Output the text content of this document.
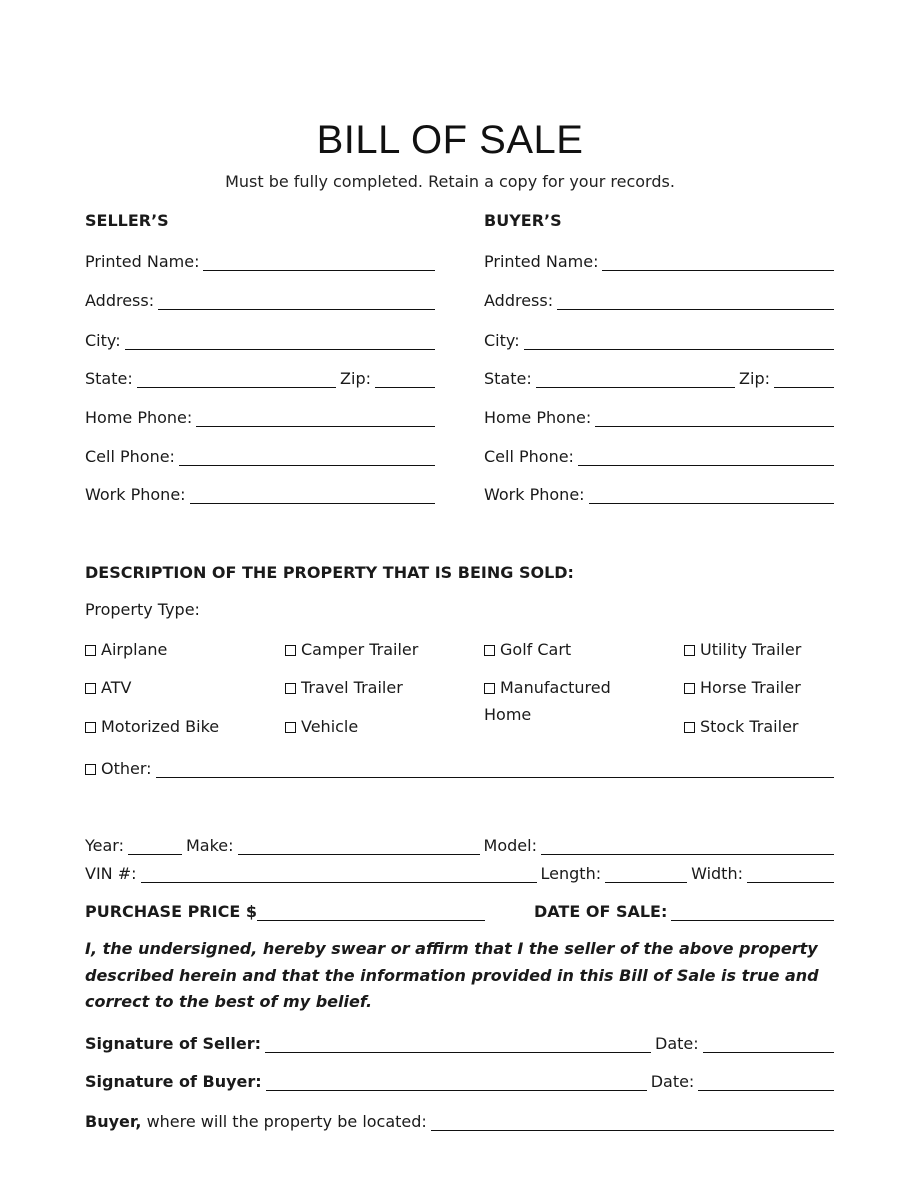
BILL OF SALE
Must be fully completed. Retain a copy for your records.
SELLER’S
Printed Name:
Address:
City:
State:	Zip:
Home Phone:
Cell Phone:
Work Phone:
BUYER’S
Printed Name:
Address:
City:
State:	Zip:
Home Phone:
Cell Phone:
Work Phone:
DESCRIPTION OF THE PROPERTY THAT IS BEING SOLD:
Property Type:
Airplane
ATV
Motorized Bike
Camper Trailer
Travel Trailer
Vehicle
Golf Cart
Manufactured
Home
Utility Trailer
Horse Trailer
Stock Trailer
Other:
Year:	Make:	Model:
VIN #:	Length:	Width:
PURCHASE PRICE $	DATE OF SALE:
I, the undersigned, hereby swear or affirm that I the seller of the above property described herein and that the information provided in this Bill of Sale is true and correct to the best of my belief.
Signature of Seller:	Date:
Signature of Buyer:	Date:
Buyer, where will the property be located:
